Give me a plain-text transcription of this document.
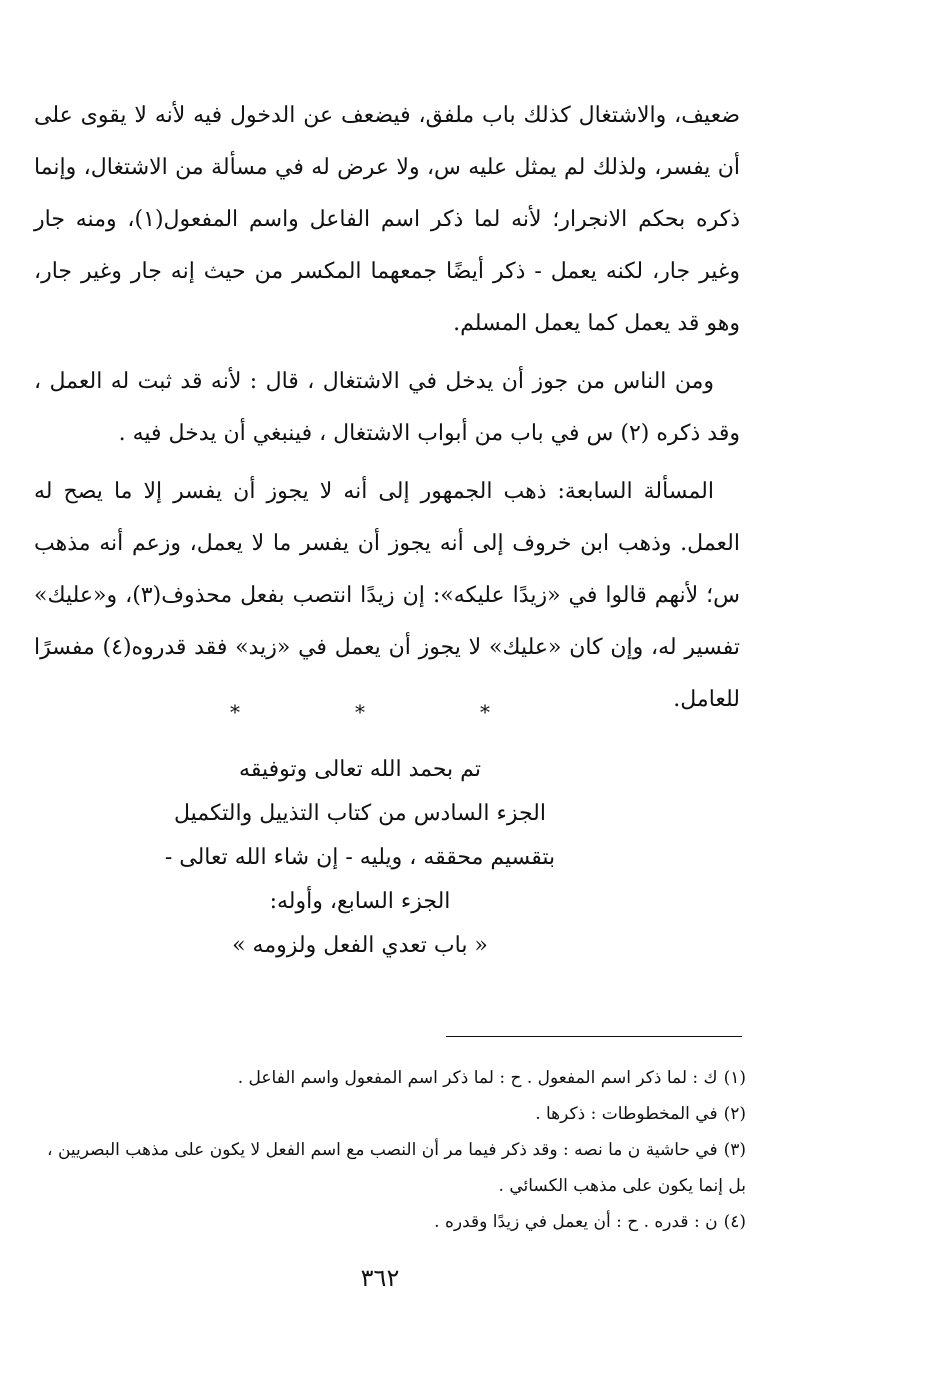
ضعيف، والاشتغال كذلك باب ملفق، فيضعف عن الدخول فيه لأنه لا يقوى على أن يفسر، ولذلك لم يمثل عليه س، ولا عرض له في مسألة من الاشتغال، وإنما ذكره بحكم الانجرار؛ لأنه لما ذكر اسم الفاعل واسم المفعول(١)، ومنه جار وغير جار، لكنه يعمل - ذكر أيضًا جمعهما المكسر من حيث إنه جار وغير جار، وهو قد يعمل كما يعمل المسلم.

ومن الناس من جوز أن يدخل في الاشتغال ، قال : لأنه قد ثبت له العمل ، وقد ذكره (٢) س في باب من أبواب الاشتغال ، فينبغي أن يدخل فيه .

المسألة السابعة: ذهب الجمهور إلى أنه لا يجوز أن يفسر إلا ما يصح له العمل. وذهب ابن خروف إلى أنه يجوز أن يفسر ما لا يعمل، وزعم أنه مذهب س؛ لأنهم قالوا في «زيدًا عليكه»: إن زيدًا انتصب بفعل محذوف(٣)، و«عليك» تفسير له، وإن كان «عليك» لا يجوز أن يعمل في «زيد» فقد قدروه(٤) مفسرًا للعامل.

*	*	*
تم بحمد الله تعالى وتوفيقه
الجزء السادس من كتاب التذييل والتكميل
بتقسيم محققه ، ويليه - إن شاء الله تعالى -
الجزء السابع، وأوله:
« باب تعدي الفعل ولزومه »

(١)ك : لما ذكر اسم المفعول . ح : لما ذكر اسم المفعول واسم الفاعل .

(٢)في المخطوطات : ذكرها .

(٣)في حاشية ن ما نصه : وقد ذكر فيما مر أن النصب مع اسم الفعل لا يكون على مذهب البصريين ، بل إنما يكون على مذهب الكسائي .

(٤)ن : قدره . ح : أن يعمل في زيدًا وقدره .

٣٦٢
